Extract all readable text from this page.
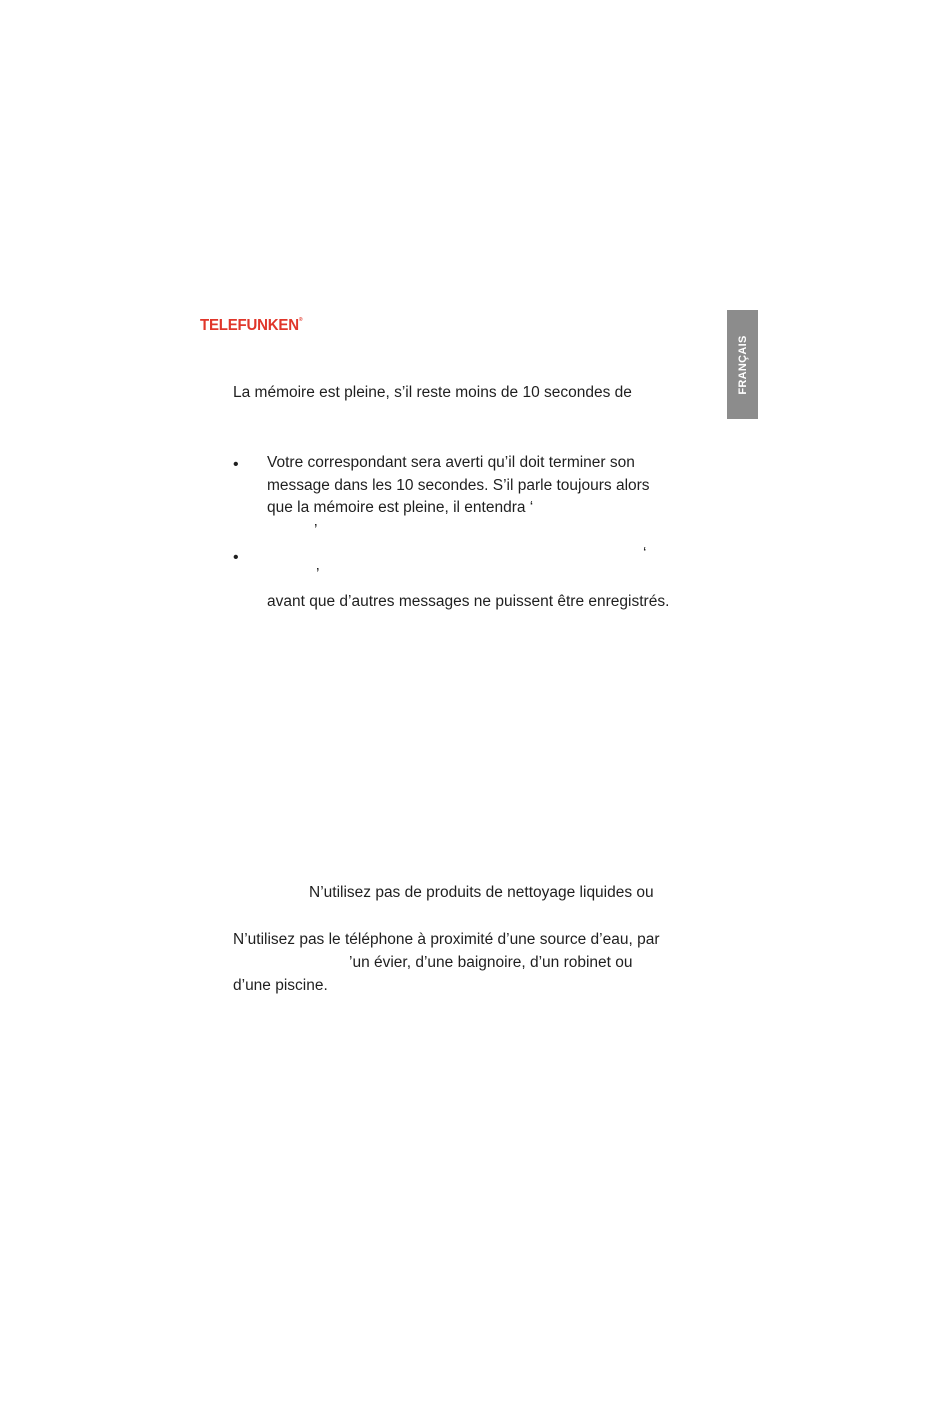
TELEFUNKEN®
FRANÇAIS
La mémoire est pleine, s’il reste moins de 10 secondes de
• Votre correspondant sera averti qu’il doit terminer son
message dans les 10 secondes. S’il parle toujours alors
que la mémoire est pleine, il entendra ‘
’
•	‘
’
avant que d’autres messages ne puissent être enregistrés.
N’utilisez pas de produits de nettoyage liquides ou
N’utilisez pas le téléphone à proximité d’une source d’eau, par
’un évier, d’une baignoire, d’un robinet ou
d’une piscine.
